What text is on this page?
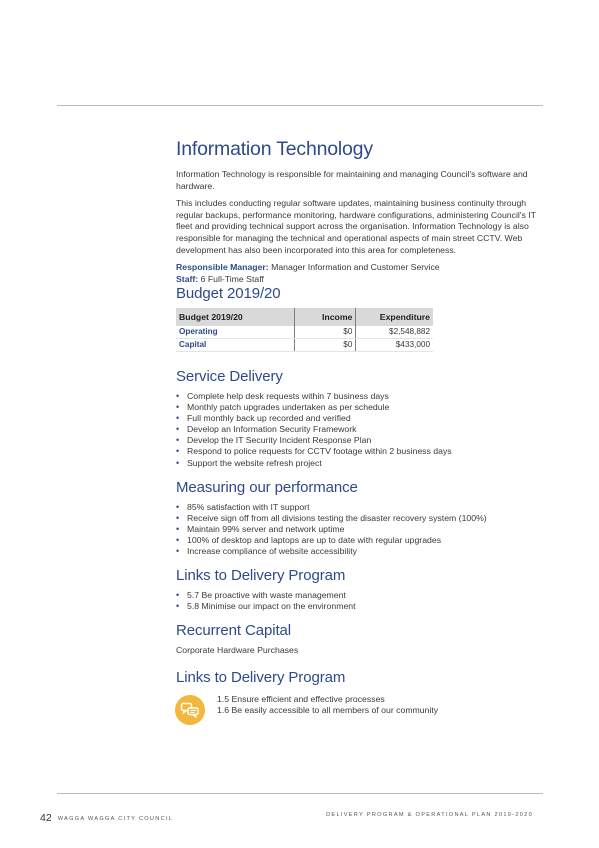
Information Technology

Information Technology is responsible for maintaining and managing Council's software and hardware.

This includes conducting regular software updates, maintaining business continuity through regular backups, performance monitoring, hardware configurations, administering Council's IT fleet and providing technical support across the organisation. Information Technology is also responsible for managing the technical and operational aspects of main street CCTV. Web development has also been incorporated into this area for completeness.

Responsible Manager: Manager Information and Customer Service

Staff: 6 Full-Time Staff

Budget 2019/20
Budget 2019/20	Income	Expenditure
Operating	$0	$2,548,882
Capital	$0	$433,000
Service Delivery
• Complete help desk requests within 7 business days
• Monthly patch upgrades undertaken as per schedule
• Full monthly back up recorded and verified
• Develop an Information Security Framework
• Develop the IT Security Incident Response Plan
• Respond to police requests for CCTV footage within 2 business days
• Support the website refresh project
Measuring our performance
• 85% satisfaction with IT support
• Receive sign off from all divisions testing the disaster recovery system (100%)
• Maintain 99% server and network uptime
• 100% of desktop and laptops are up to date with regular upgrades
• Increase compliance of website accessibility
Links to Delivery Program
• 5.7 Be proactive with waste management
• 5.8 Minimise our impact on the environment
Recurrent Capital

Corporate Hardware Purchases

Links to Delivery Program
1.5 Ensure efficient and effective processes
1.6 Be easily accessible to all members of our community
42 WAGGA WAGGA CITY COUNCIL
DELIVERY PROGRAM & OPERATIONAL PLAN 2019-2020
